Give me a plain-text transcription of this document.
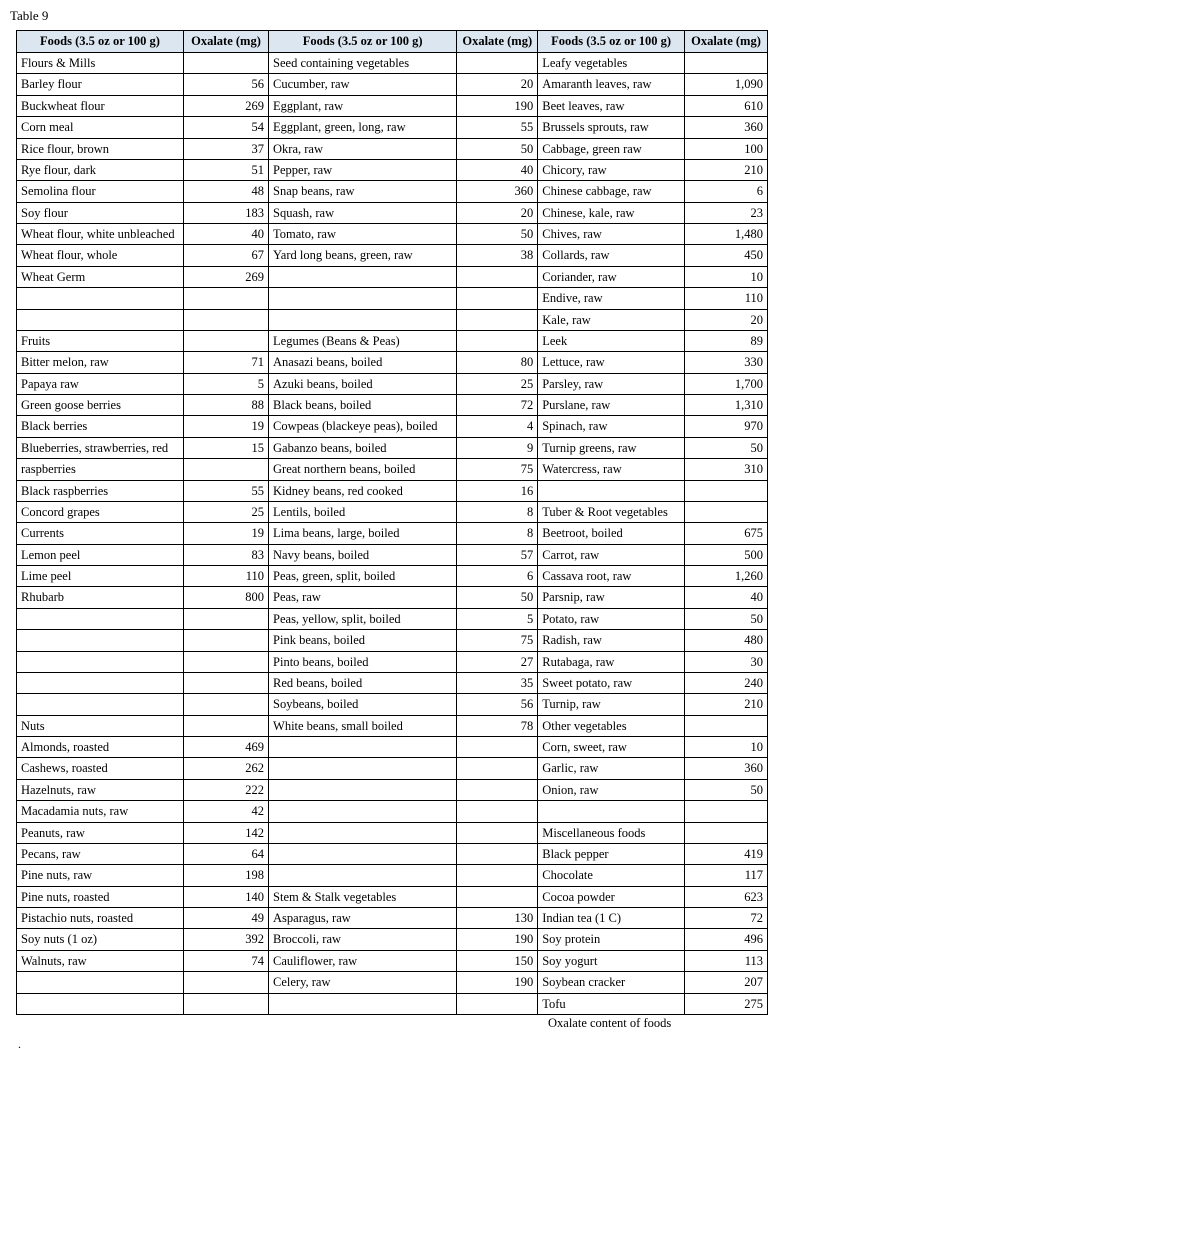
Table 9
Foods (3.5 oz or 100 g)	Oxalate (mg)	Foods (3.5 oz or 100 g)	Oxalate (mg)	Foods (3.5 oz or 100 g)	Oxalate (mg)
Flours & Mills		Seed containing vegetables		Leafy vegetables	
Barley flour	56	Cucumber, raw	20	Amaranth leaves, raw	1,090
Buckwheat flour	269	Eggplant, raw	190	Beet leaves, raw	610
Corn meal	54	Eggplant, green, long, raw	55	Brussels sprouts, raw	360
Rice flour, brown	37	Okra, raw	50	Cabbage, green raw	100
Rye flour, dark	51	Pepper, raw	40	Chicory, raw	210
Semolina flour	48	Snap beans, raw	360	Chinese cabbage, raw	6
Soy flour	183	Squash, raw	20	Chinese, kale, raw	23
Wheat flour, white unbleached	40	Tomato, raw	50	Chives, raw	1,480
Wheat flour, whole	67	Yard long beans, green, raw	38	Collards, raw	450
Wheat Germ	269			Coriander, raw	10
				Endive, raw	110
				Kale, raw	20
Fruits		Legumes (Beans & Peas)		Leek	89
Bitter melon, raw	71	Anasazi beans, boiled	80	Lettuce, raw	330
Papaya raw	5	Azuki beans, boiled	25	Parsley, raw	1,700
Green goose berries	88	Black beans, boiled	72	Purslane, raw	1,310
Black berries	19	Cowpeas (blackeye peas), boiled	4	Spinach, raw	970
Blueberries, strawberries, red	15	Gabanzo beans, boiled	9	Turnip greens, raw	50
raspberries		Great northern beans, boiled	75	Watercress, raw	310
Black raspberries	55	Kidney beans, red cooked	16		
Concord grapes	25	Lentils, boiled	8	Tuber & Root vegetables	
Currents	19	Lima beans, large, boiled	8	Beetroot, boiled	675
Lemon peel	83	Navy beans, boiled	57	Carrot, raw	500
Lime peel	110	Peas, green, split, boiled	6	Cassava root, raw	1,260
Rhubarb	800	Peas, raw	50	Parsnip, raw	40
		Peas, yellow, split, boiled	5	Potato, raw	50
		Pink beans, boiled	75	Radish, raw	480
		Pinto beans, boiled	27	Rutabaga, raw	30
		Red beans, boiled	35	Sweet potato, raw	240
		Soybeans, boiled	56	Turnip, raw	210
Nuts		White beans, small boiled	78	Other vegetables	
Almonds, roasted	469			Corn, sweet, raw	10
Cashews, roasted	262			Garlic, raw	360
Hazelnuts, raw	222			Onion, raw	50
Macadamia nuts, raw	42				
Peanuts, raw	142			Miscellaneous foods	
Pecans, raw	64			Black pepper	419
Pine nuts, raw	198			Chocolate	117
Pine nuts, roasted	140	Stem & Stalk vegetables		Cocoa powder	623
Pistachio nuts, roasted	49	Asparagus, raw	130	Indian tea (1 C)	72
Soy nuts (1 oz)	392	Broccoli, raw	190	Soy protein	496
Walnuts, raw	74	Cauliflower, raw	150	Soy yogurt	113
		Celery, raw	190	Soybean cracker	207
				Tofu	275
Oxalate content of foods
.
